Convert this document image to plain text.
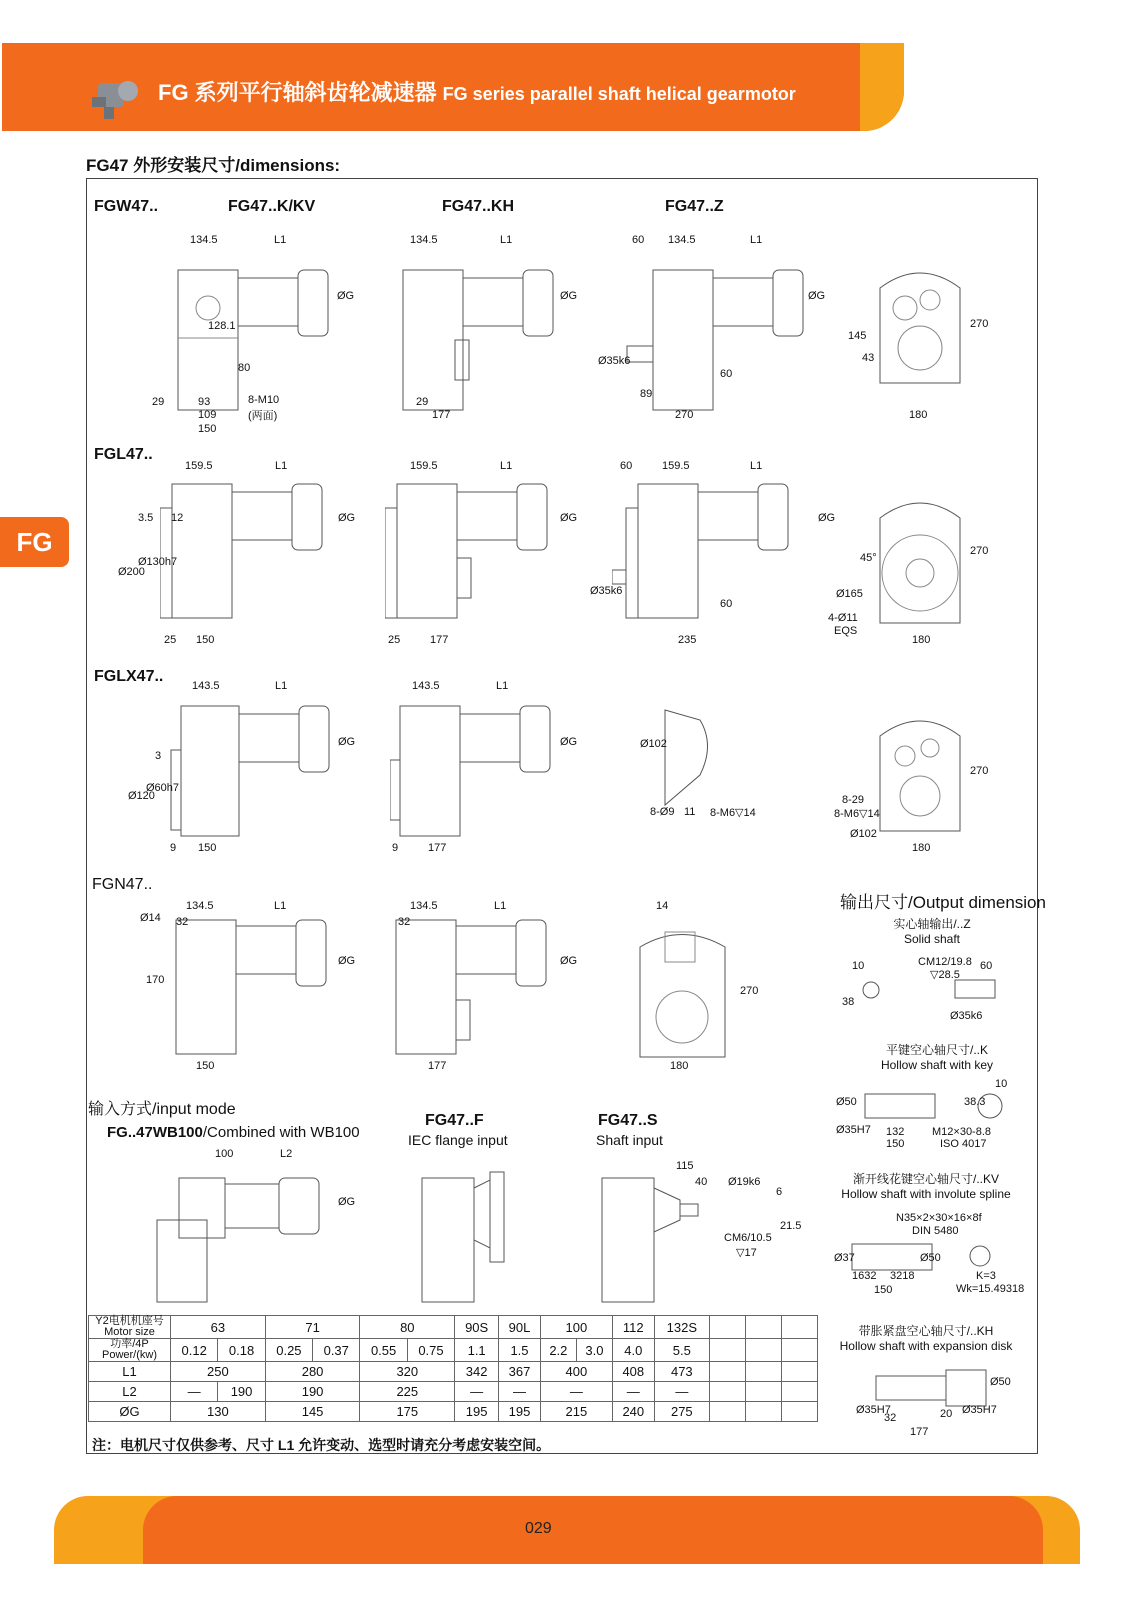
FG 系列平行轴斜齿轮减速器 FG series parallel shaft helical gearmotor
FG
FG47 外形安装尺寸/dimensions:
FGW47..	FG47..K/KV	FG47..KH	FG47..Z
FGL47..
FGLX47..
FGN47..
134.5	L1
ØG
29	93
109
150
8-M10
(两面)
134.5	L1
ØG
29
177
60 134.5	L1
ØG
89
60
270	180
270
145
43
128.1
80
Ø35k6
159.5	L1
3.5 12
Ø200
Ø130h7
25 150
ØG
159.5	L1
ØG
25	177
60	159.5	L1
ØG
60
235
Ø35k6
45°
Ø165
4-Ø11
EQS
180
270
143.5	L1
3
Ø120
Ø60h7
9 150
ØG
143.5	L1
ØG
9	177
Ø102
8-Ø9 11 8-M6▽14
8-29
8-M6▽14
Ø102
180
270
Ø14
134.5	L1
32
170
ØG
150
134.5	L1
32
ØG
177
14
270
180
输入方式/input mode
FG..47WB100/Combined with WB100
FG47..F
IEC flange input
FG47..S
Shaft input
100	L2
ØG
115
40 Ø19k6
6
21.5
CM6/10.5
▽17
输出尺寸/Output dimension
实心轴输出/..Z
Solid shaft
CM12/19.8
▽28.5
10	60
38
Ø35k6
平键空心轴尺寸/..K
Hollow shaft with key
Ø50
Ø35H7 132
150
M12×30-8.8
ISO 4017
10
38.3
渐开线花键空心轴尺寸/..KV
Hollow shaft with involute spline
N35×2×30×16×8f
DIN 5480
Ø37	Ø50
1632 3218
150
K=3
Wk=15.49318
带胀紧盘空心轴尺寸/..KH
Hollow shaft with expansion disk
Ø35H7
32	20
177
Ø35H7
Ø50
Y2电机机座号 Motor size	63		71		80		90S	90L	100		112	132S			
功率/4P Power/(kw)	0.12	0.18	0.25	0.37	0.55	0.75	1.1	1.5	2.2	3.0	4.0	5.5			
L1	250		280		320		342	367	400		408	473			
L2	—	190	190		225		—	—	—		—	—			
ØG	130		145		175		195	195	215		240	275			
注：电机尺寸仅供参考、尺寸 L1 允许变动、选型时请充分考虑安装空间。
029
